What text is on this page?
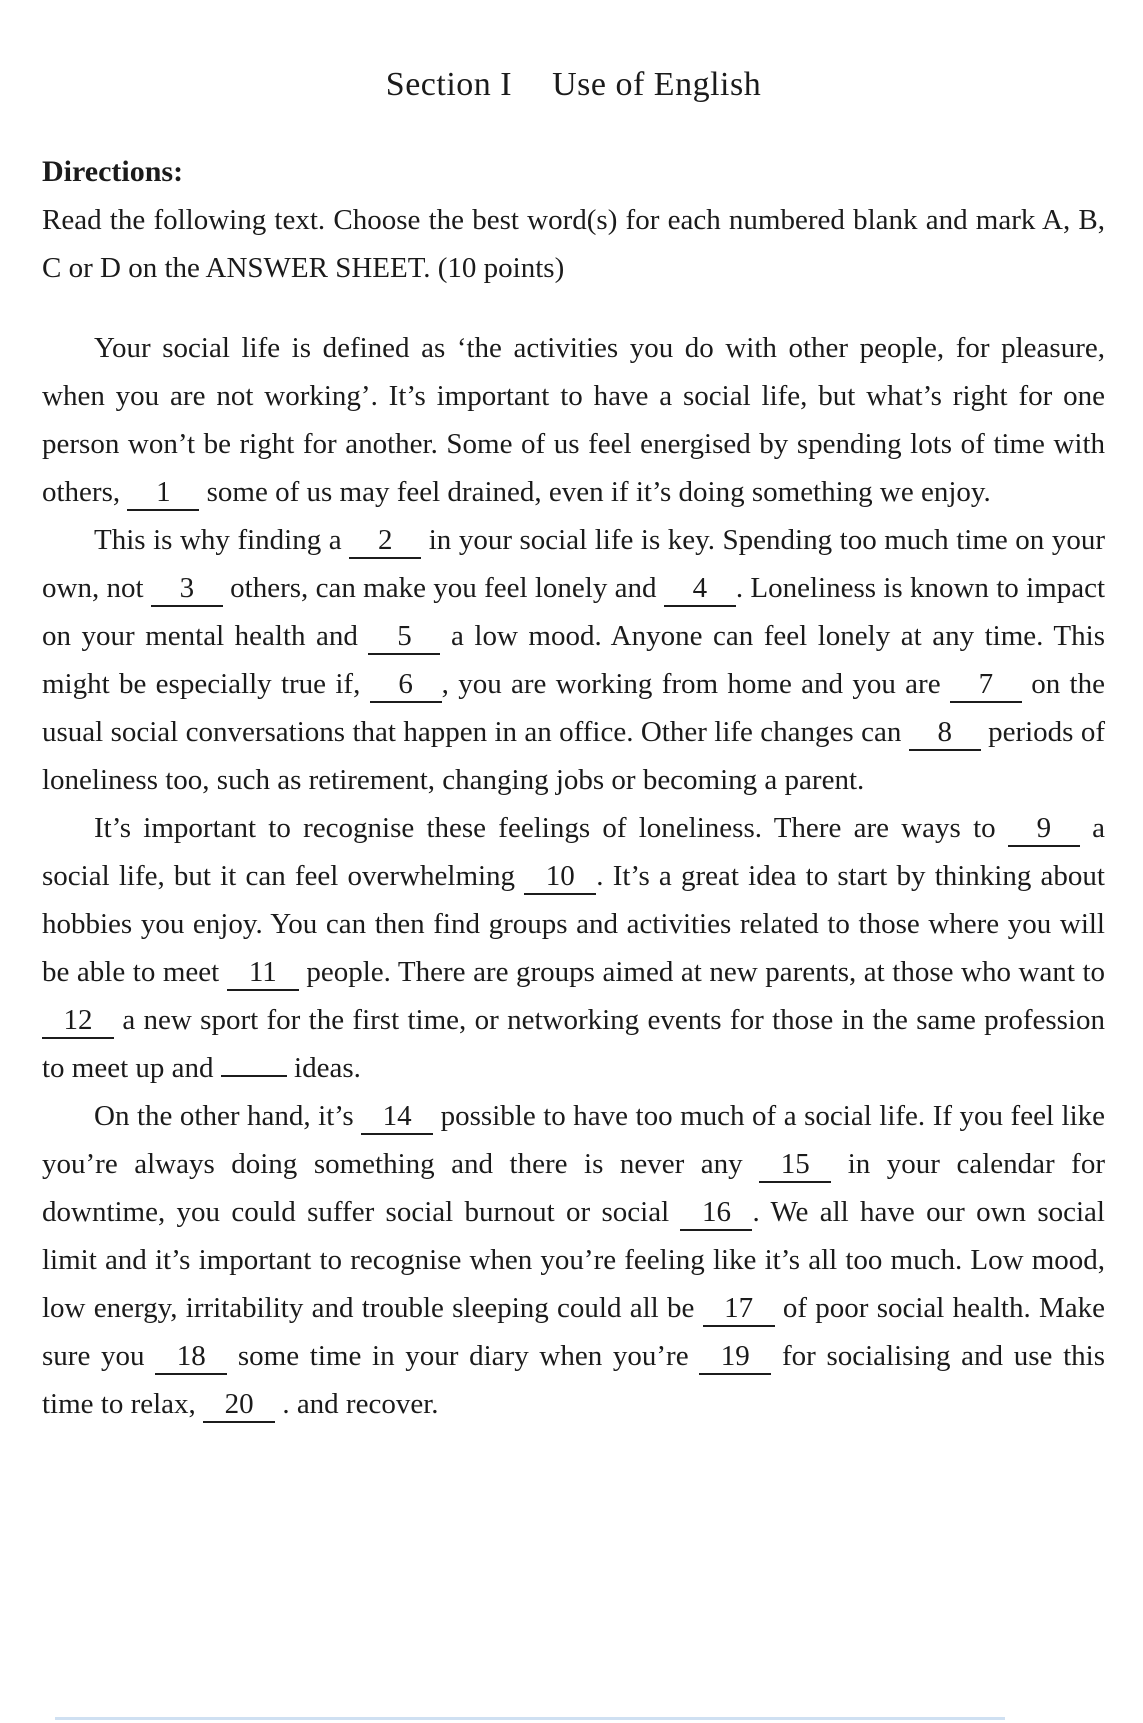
Section I Use of English
Directions:

Read the following text. Choose the best word(s) for each numbered blank and mark A, B, C or D on the ANSWER SHEET. (10 points)

Your social life is defined as ‘the activities you do with other people, for pleasure, when you are not working’. It’s important to have a social life, but what’s right for one person won’t be right for another. Some of us feel energised by spending lots of time with others, 1 some of us may feel drained, even if it’s doing something we enjoy.

This is why finding a 2 in your social life is key. Spending too much time on your own, not 3 others, can make you feel lonely and 4 . Loneliness is known to impact on your mental health and 5 a low mood. Anyone can feel lonely at any time. This might be especially true if, 6 , you are working from home and you are 7 on the usual social conversations that happen in an office. Other life changes can 8 periods of loneliness too, such as retirement, changing jobs or becoming a parent.

It’s important to recognise these feelings of loneliness. There are ways to 9 a social life, but it can feel overwhelming 10 . It’s a great idea to start by thinking about hobbies you enjoy. You can then find groups and activities related to those where you will be able to meet 11 people. There are groups aimed at new parents, at those who want to 12 a new sport for the first time, or networking events for those in the same profession to meet up and  ideas.

On the other hand, it’s 14 possible to have too much of a social life. If you feel like you’re always doing something and there is never any 15 in your calendar for downtime, you could suffer social burnout or social 16 . We all have our own social limit and it’s important to recognise when you’re feeling like it’s all too much. Low mood, low energy, irritability and trouble sleeping could all be 17 of poor social health. Make sure you 18 some time in your diary when you’re 19 for socialising and use this time to relax, 20 . and recover.
